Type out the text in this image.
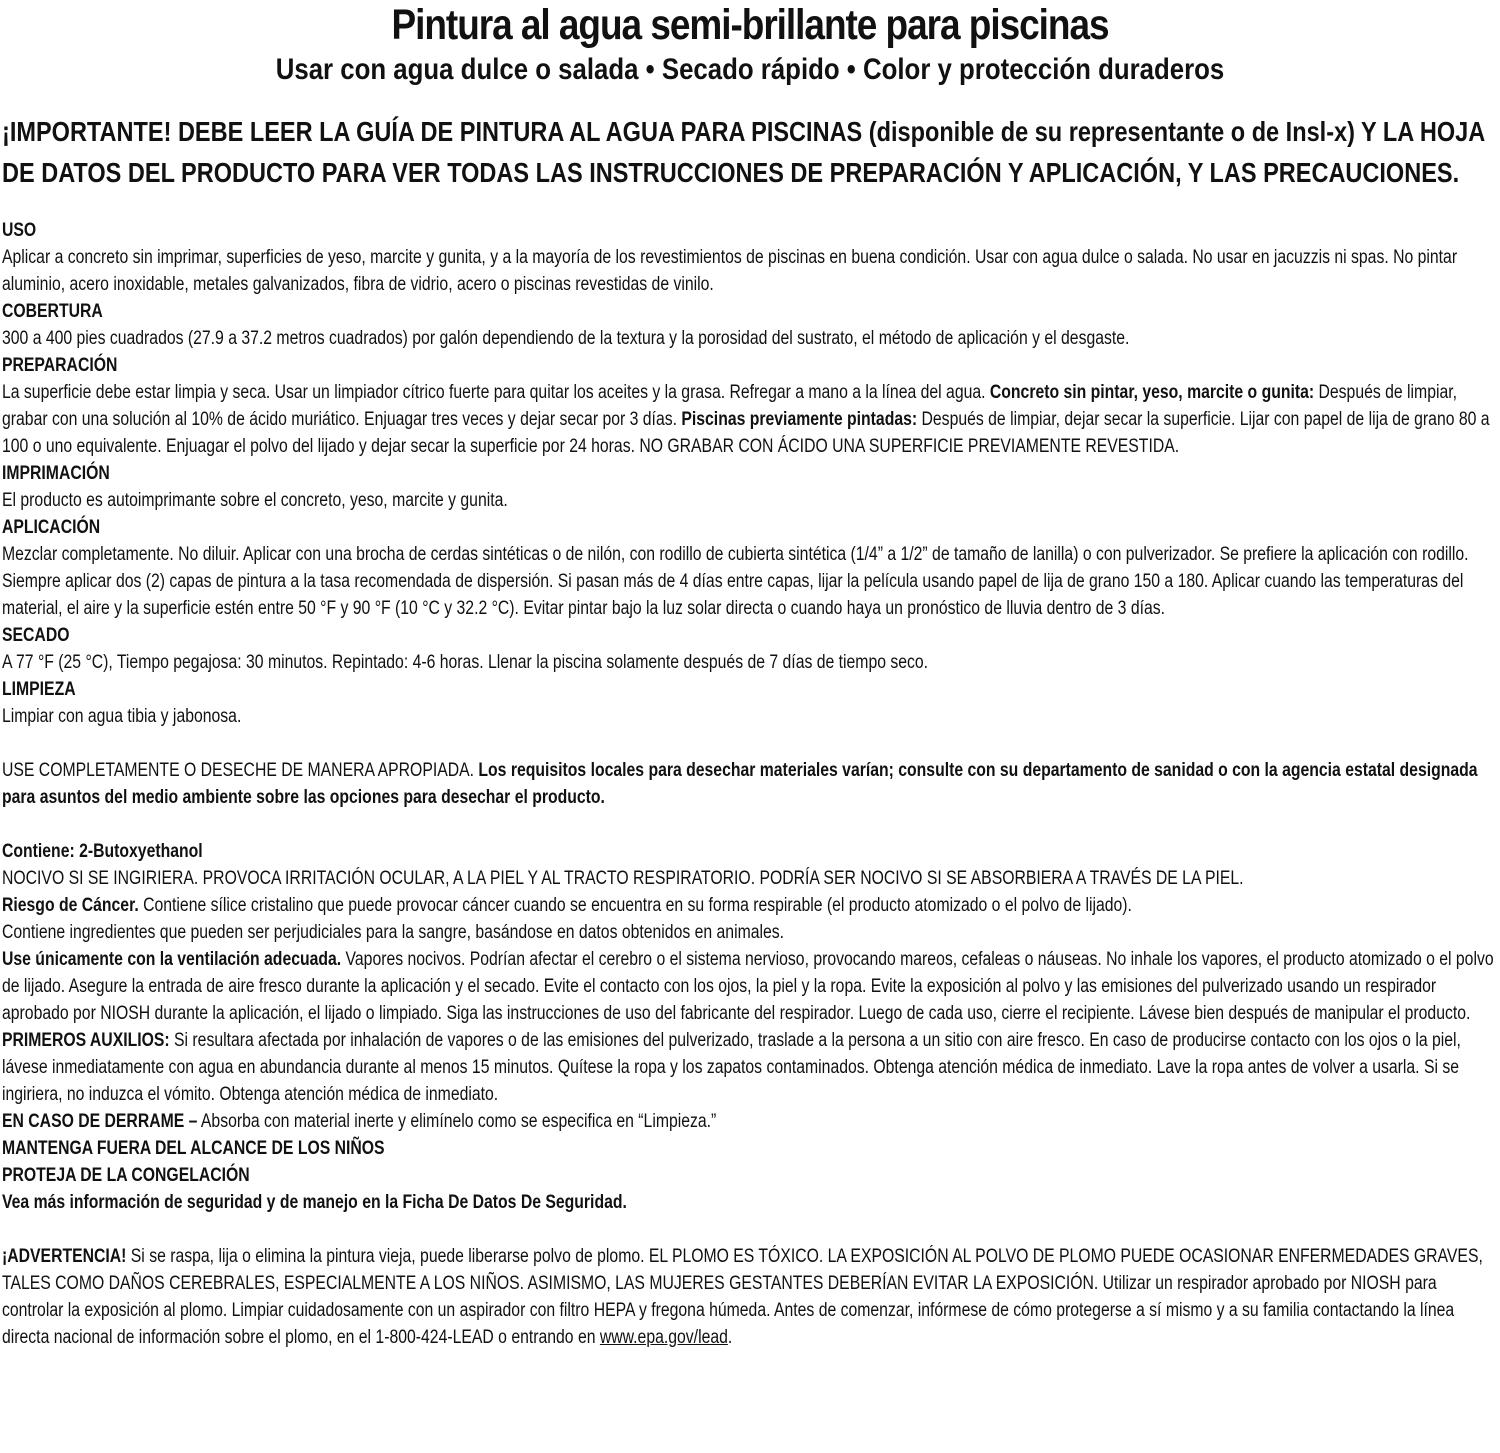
Pintura al agua semi-brillante para piscinas
Usar con agua dulce o salada • Secado rápido • Color y protección duraderos
¡IMPORTANTE! DEBE LEER LA GUÍA DE PINTURA AL AGUA PARA PISCINAS (disponible de su representante o de Insl-x) Y LA HOJA DE DATOS DEL PRODUCTO PARA VER TODAS LAS INSTRUCCIONES DE PREPARACIÓN Y APLICACIÓN, Y LAS PRECAUCIONES.

USO

Aplicar a concreto sin imprimar, superficies de yeso, marcite y gunita, y a la mayoría de los revestimientos de piscinas en buena condición. Usar con agua dulce o salada. No usar en jacuzzis ni spas. No pintar aluminio, acero inoxidable, metales galvanizados, fibra de vidrio, acero o piscinas revestidas de vinilo.

COBERTURA

300 a 400 pies cuadrados (27.9 a 37.2 metros cuadrados) por galón dependiendo de la textura y la porosidad del sustrato, el método de aplicación y el desgaste.

PREPARACIÓN

La superficie debe estar limpia y seca. Usar un limpiador cítrico fuerte para quitar los aceites y la grasa. Refregar a mano a la línea del agua. Concreto sin pintar, yeso, marcite o gunita: Después de limpiar, grabar con una solución al 10% de ácido muriático. Enjuagar tres veces y dejar secar por 3 días. Piscinas previamente pintadas: Después de limpiar, dejar secar la superficie. Lijar con papel de lija de grano 80 a 100 o uno equivalente. Enjuagar el polvo del lijado y dejar secar la superficie por 24 horas. NO GRABAR CON ÁCIDO UNA SUPERFICIE PREVIAMENTE REVESTIDA.

IMPRIMACIÓN

El producto es autoimprimante sobre el concreto, yeso, marcite y gunita.

APLICACIÓN

Mezclar completamente. No diluir. Aplicar con una brocha de cerdas sintéticas o de nilón, con rodillo de cubierta sintética (1/4” a 1/2” de tamaño de lanilla) o con pulverizador. Se prefiere la aplicación con rodillo. Siempre aplicar dos (2) capas de pintura a la tasa recomendada de dispersión. Si pasan más de 4 días entre capas, lijar la película usando papel de lija de grano 150 a 180. Aplicar cuando las temperaturas del material, el aire y la superficie estén entre 50 °F y 90 °F (10 °C y 32.2 °C). Evitar pintar bajo la luz solar directa o cuando haya un pronóstico de lluvia dentro de 3 días.

SECADO

A 77 °F (25 °C), Tiempo pegajosa: 30 minutos. Repintado: 4-6 horas. Llenar la piscina solamente después de 7 días de tiempo seco.

LIMPIEZA

Limpiar con agua tibia y jabonosa.

USE COMPLETAMENTE O DESECHE DE MANERA APROPIADA. Los requisitos locales para desechar materiales varían; consulte con su departamento de sanidad o con la agencia estatal designada para asuntos del medio ambiente sobre las opciones para desechar el producto.

Contiene: 2-Butoxyethanol

NOCIVO SI SE INGIRIERA. PROVOCA IRRITACIÓN OCULAR, A LA PIEL Y AL TRACTO RESPIRATORIO. PODRÍA SER NOCIVO SI SE ABSORBIERA A TRAVÉS DE LA PIEL.

Riesgo de Cáncer. Contiene sílice cristalino que puede provocar cáncer cuando se encuentra en su forma respirable (el producto atomizado o el polvo de lijado).

Contiene ingredientes que pueden ser perjudiciales para la sangre, basándose en datos obtenidos en animales.

Use únicamente con la ventilación adecuada. Vapores nocivos. Podrían afectar el cerebro o el sistema nervioso, provocando mareos, cefaleas o náuseas. No inhale los vapores, el producto atomizado o el polvo de lijado. Asegure la entrada de aire fresco durante la aplicación y el secado. Evite el contacto con los ojos, la piel y la ropa. Evite la exposición al polvo y las emisiones del pulverizado usando un respirador aprobado por NIOSH durante la aplicación, el lijado o limpiado. Siga las instrucciones de uso del fabricante del respirador. Luego de cada uso, cierre el recipiente. Lávese bien después de manipular el producto.

PRIMEROS AUXILIOS: Si resultara afectada por inhalación de vapores o de las emisiones del pulverizado, traslade a la persona a un sitio con aire fresco. En caso de producirse contacto con los ojos o la piel, lávese inmediatamente con agua en abundancia durante al menos 15 minutos. Quítese la ropa y los zapatos contaminados. Obtenga atención médica de inmediato. Lave la ropa antes de volver a usarla. Si se ingiriera, no induzca el vómito. Obtenga atención médica de inmediato.

EN CASO DE DERRAME – Absorba con material inerte y elimínelo como se especifica en “Limpieza.”

MANTENGA FUERA DEL ALCANCE DE LOS NIÑOS

PROTEJA DE LA CONGELACIÓN

Vea más información de seguridad y de manejo en la Ficha De Datos De Seguridad.

¡ADVERTENCIA! Si se raspa, lija o elimina la pintura vieja, puede liberarse polvo de plomo. EL PLOMO ES TÓXICO. LA EXPOSICIÓN AL POLVO DE PLOMO PUEDE OCASIONAR ENFERMEDADES GRAVES, TALES COMO DAÑOS CEREBRALES, ESPECIALMENTE A LOS NIÑOS. ASIMISMO, LAS MUJERES GESTANTES DEBERÍAN EVITAR LA EXPOSICIÓN. Utilizar un respirador aprobado por NIOSH para controlar la exposición al plomo. Limpiar cuidadosamente con un aspirador con filtro HEPA y fregona húmeda. Antes de comenzar, infórmese de cómo protegerse a sí mismo y a su familia contactando la línea directa nacional de información sobre el plomo, en el 1-800-424-LEAD o entrando en www.epa.gov/lead.
